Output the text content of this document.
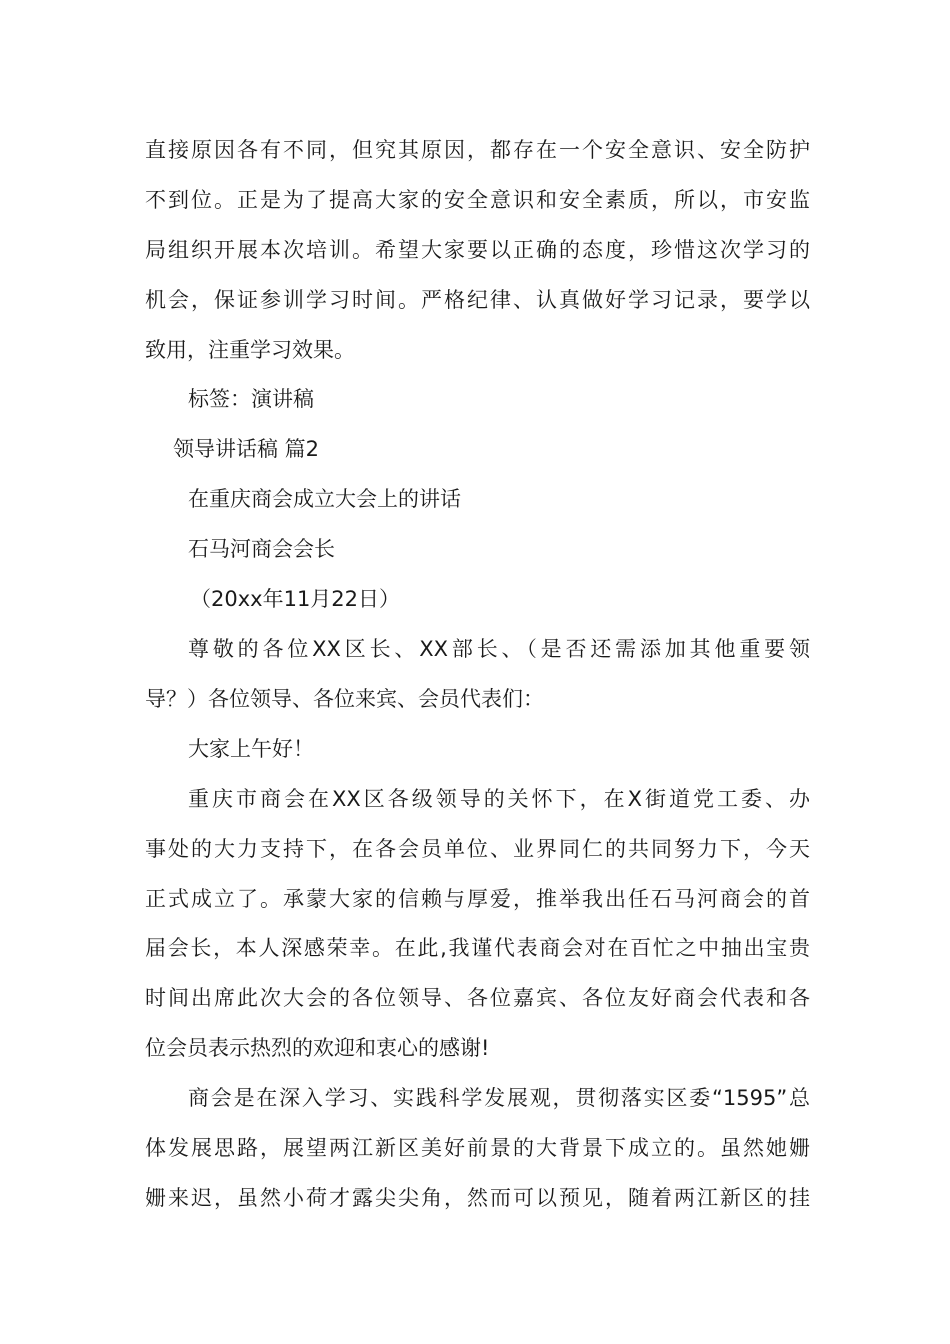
直接原因各有不同，但究其原因，都存在一个安全意识、安全防护
不到位。正是为了提高大家的安全意识和安全素质，所以，市安监
局组织开展本次培训。希望大家要以正确的态度，珍惜这次学习的
机会，保证参训学习时间。严格纪律、认真做好学习记录，要学以
致用，注重学习效果。
标签：演讲稿
领导讲话稿 篇2
在重庆商会成立大会上的讲话
石马河商会会长
（20xx年11月22日）
尊敬的各位XX区长、XX部长、（是否还需添加其他重要领
导？）各位领导、各位来宾、会员代表们：
大家上午好！
重庆市商会在XX区各级领导的关怀下，在X街道党工委、办
事处的大力支持下，在各会员单位、业界同仁的共同努力下，今天
正式成立了。承蒙大家的信赖与厚爱，推举我出任石马河商会的首
届会长，本人深感荣幸。在此,我谨代表商会对在百忙之中抽出宝贵
时间出席此次大会的各位领导、各位嘉宾、各位友好商会代表和各
位会员表示热烈的欢迎和衷心的感谢!
商会是在深入学习、实践科学发展观，贯彻落实区委“1595”总
体发展思路，展望两江新区美好前景的大背景下成立的。虽然她姗
姗来迟，虽然小荷才露尖尖角，然而可以预见，随着两江新区的挂
